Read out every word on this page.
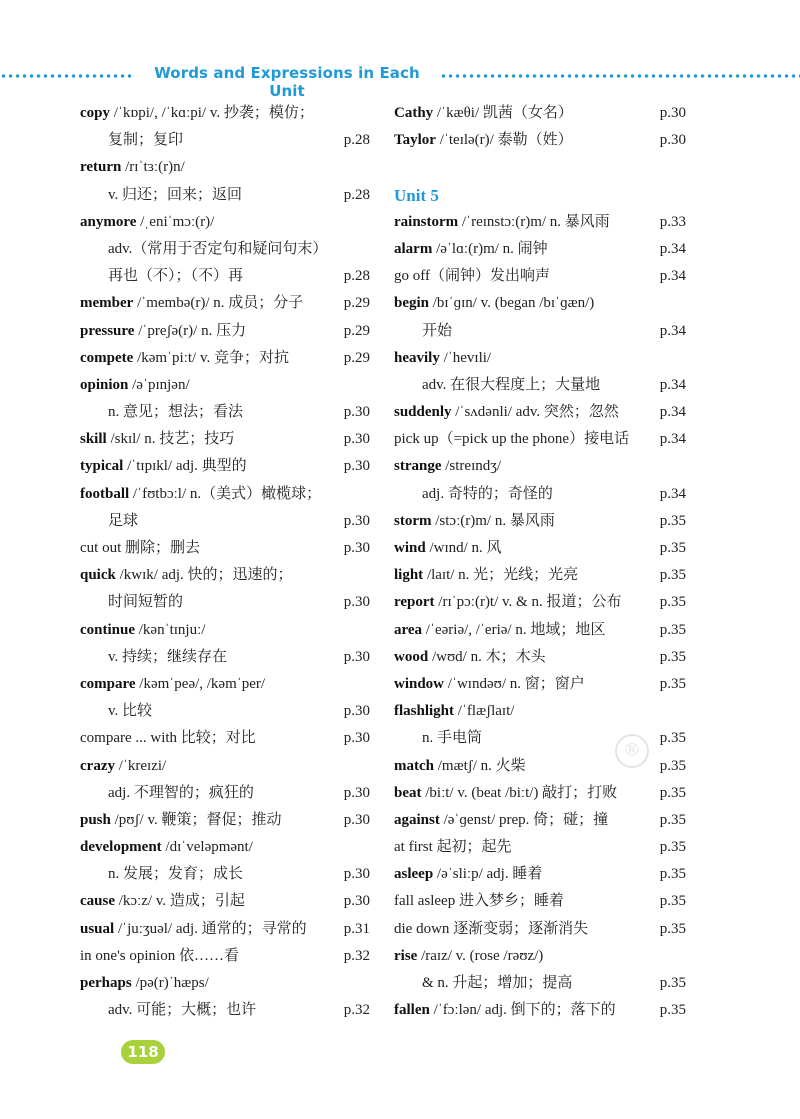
Words and Expressions in Each Unit
copy /ˈkɒpi/, /ˈkɑːpi/ v. 抄袭；模仿；
复制；复印	p.28
return /rɪˈtɜː(r)n/
v. 归还；回来；返回	p.28
anymore /ˌeniˈmɔː(r)/
adv.（常用于否定句和疑问句末）
再也（不）；（不）再	p.28
member /ˈmembə(r)/ n. 成员；分子	p.29
pressure /ˈpreʃə(r)/ n. 压力	p.29
compete /kəmˈpiːt/ v. 竞争；对抗	p.29
opinion /əˈpɪnjən/
n. 意见；想法；看法	p.30
skill /skɪl/ n. 技艺；技巧	p.30
typical /ˈtɪpɪkl/ adj. 典型的	p.30
football /ˈfʊtbɔːl/ n.（美式）橄榄球；
足球	p.30
cut out 删除；删去	p.30
quick /kwɪk/ adj. 快的；迅速的；
时间短暂的	p.30
continue /kənˈtɪnjuː/
v. 持续；继续存在	p.30
compare /kəmˈpeə/, /kəmˈper/
v. 比较	p.30
compare ... with 比较；对比	p.30
crazy /ˈkreɪzi/
adj. 不理智的；疯狂的	p.30
push /pʊʃ/ v. 鞭策；督促；推动	p.30
development /dɪˈveləpmənt/
n. 发展；发育；成长	p.30
cause /kɔːz/ v. 造成；引起	p.30
usual /ˈjuːʒuəl/ adj. 通常的；寻常的 p.31
in one's opinion 依……看	p.32
perhaps /pə(r)ˈhæps/
adv. 可能；大概；也许	p.32
Cathy /ˈkæθi/ 凯茜（女名）	p.30
Taylor /ˈteɪlə(r)/ 泰勒（姓）	p.30
Unit 5
rainstorm /ˈreɪnstɔː(r)m/ n. 暴风雨	p.33
alarm /əˈlɑː(r)m/ n. 闹钟	p.34
go off（闹钟）发出响声	p.34
begin /bɪˈɡɪn/ v. (began /bɪˈɡæn/)
开始	p.34
heavily /ˈhevɪli/
adv. 在很大程度上；大量地	p.34
suddenly /ˈsʌdənli/ adv. 突然；忽然	p.34
pick up（=pick up the phone）接电话 p.34
strange /streɪndʒ/
adj. 奇特的；奇怪的	p.34
storm /stɔː(r)m/ n. 暴风雨	p.35
wind /wɪnd/ n. 风	p.35
light /laɪt/ n. 光；光线；光亮	p.35
report /rɪˈpɔː(r)t/ v. & n. 报道；公布	p.35
area /ˈeəriə/, /ˈeriə/ n. 地域；地区	p.35
wood /wʊd/ n. 木；木头	p.35
window /ˈwɪndəʊ/ n. 窗；窗户	p.35
flashlight /ˈflæʃlaɪt/
n. 手电筒	p.35
match /mætʃ/ n. 火柴	p.35
beat /biːt/ v. (beat /biːt/) 敲打；打败	p.35
against /əˈɡenst/ prep. 倚；碰；撞	p.35
at first 起初；起先	p.35
asleep /əˈsliːp/ adj. 睡着	p.35
fall asleep 进入梦乡；睡着	p.35
die down 逐渐变弱；逐渐消失	p.35
rise /raɪz/ v. (rose /rəʊz/)
& n. 升起；增加；提高	p.35
fallen /ˈfɔːlən/ adj. 倒下的；落下的	p.35
®
118
